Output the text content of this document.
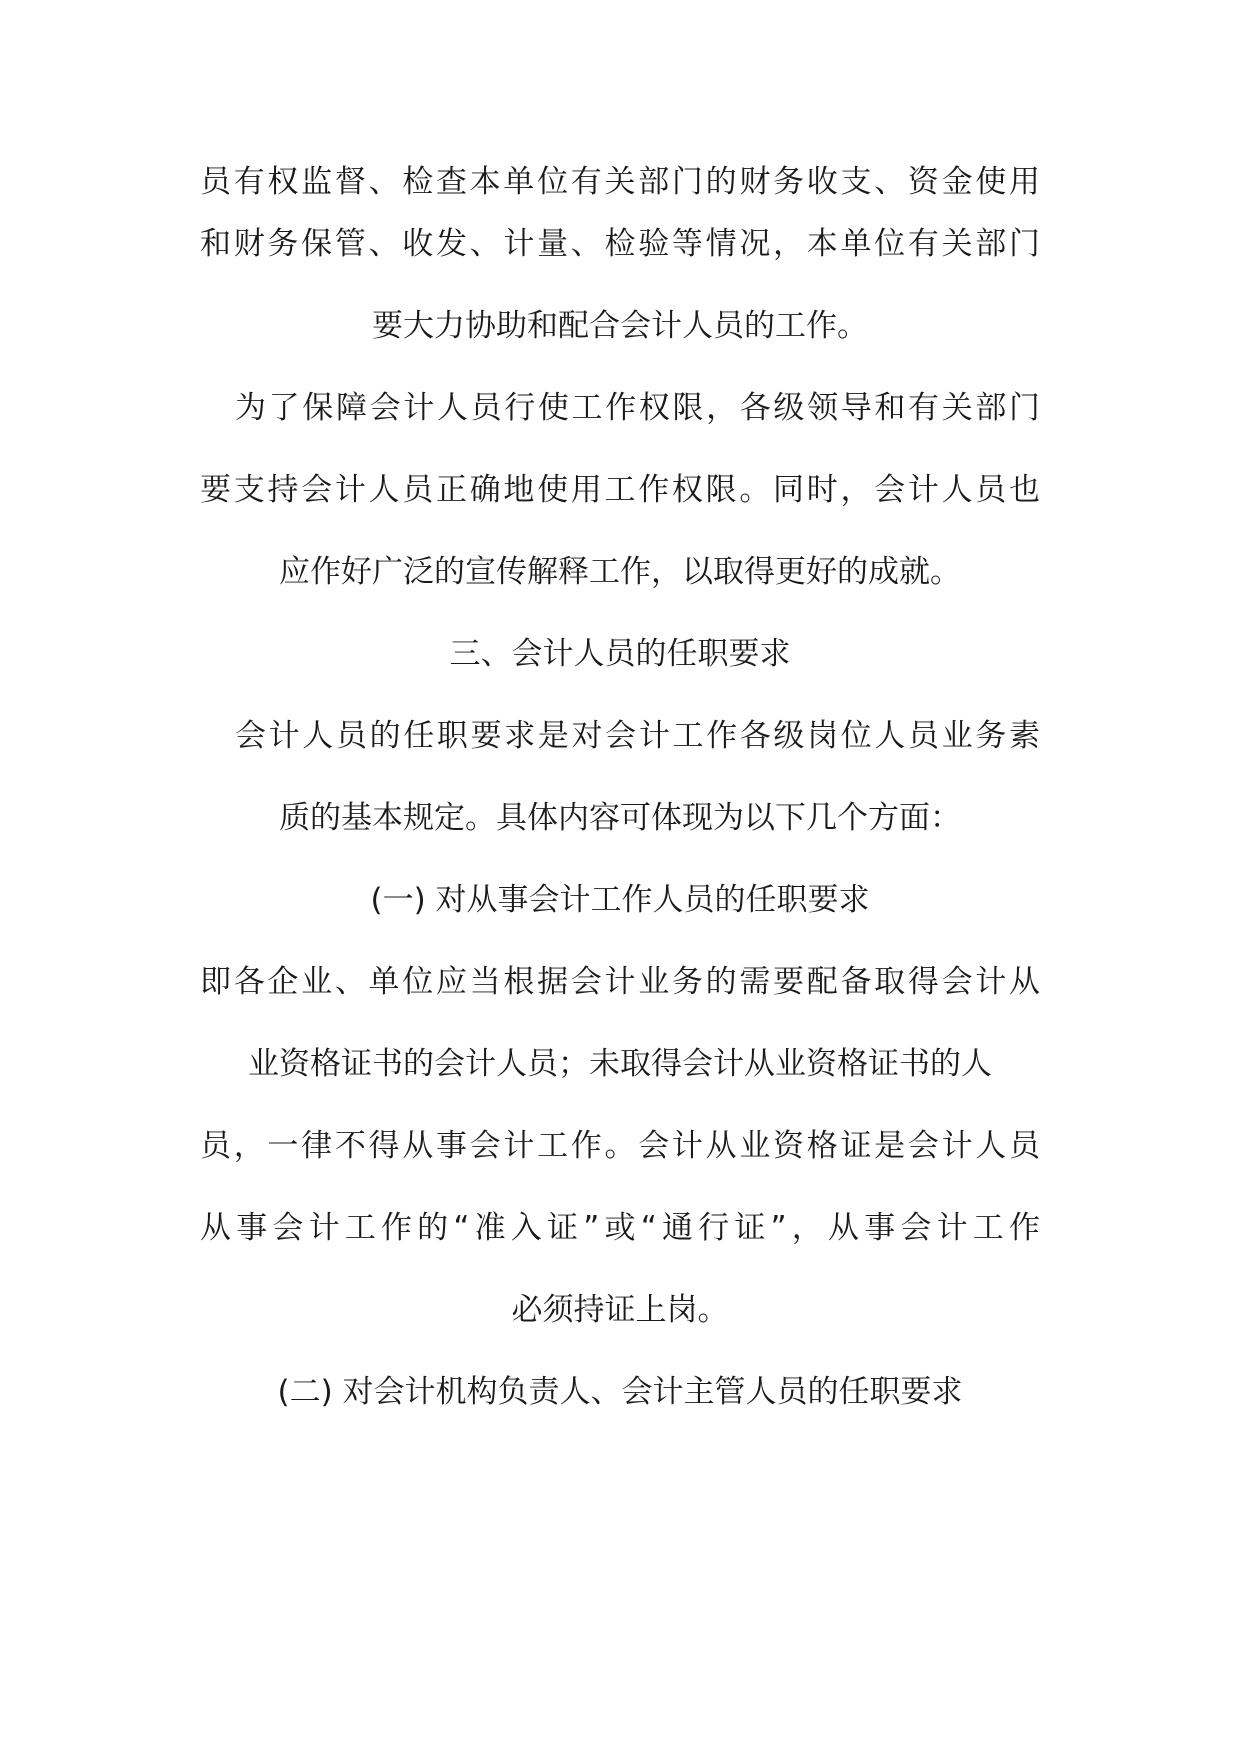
员有权监督、检查本单位有关部门的财务收支、资金使用
和财务保管、收发、计量、检验等情况，本单位有关部门
要大力协助和配合会计人员的工作。
为了保障会计人员行使工作权限，各级领导和有关部门
要支持会计人员正确地使用工作权限。同时，会计人员也
应作好广泛的宣传解释工作，以取得更好的成就。
三、会计人员的任职要求
会计人员的任职要求是对会计工作各级岗位人员业务素
质的基本规定。具体内容可体现为以下几个方面：
(一) 对从事会计工作人员的任职要求
即各企业、单位应当根据会计业务的需要配备取得会计从
业资格证书的会计人员；未取得会计从业资格证书的人
员，一律不得从事会计工作。会计从业资格证是会计人员
从事会计工作的“准入证”或“通行证”，从事会计工作
必须持证上岗。
(二) 对会计机构负责人、会计主管人员的任职要求
